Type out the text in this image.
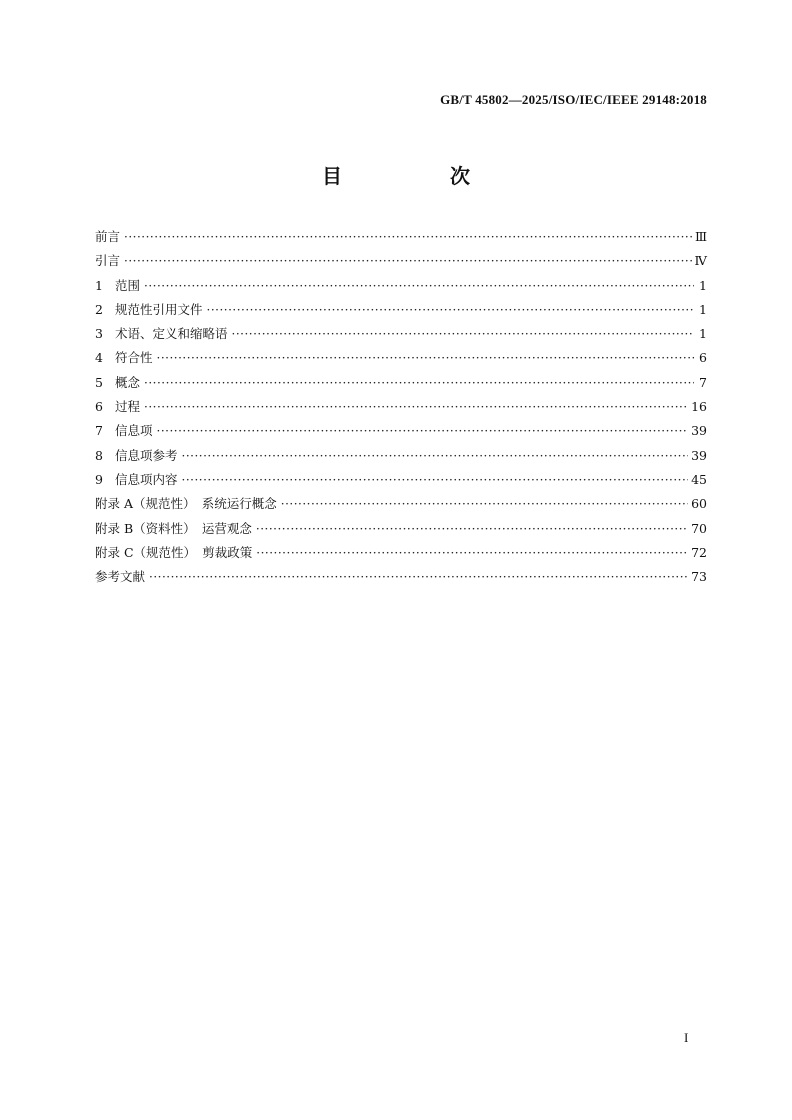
GB/T 45802—2025/ISO/IEC/IEEE 29148:2018
目　次
前言 ·····	Ⅲ
引言 ·····	Ⅳ
1 范围 ·····	1
2 规范性引用文件 ·····	1
3 术语、定义和缩略语 ·····	1
4 符合性 ·····	6
5 概念 ·····	7
6 过程 ·····	16
7 信息项 ·····	39
8 信息项参考 ·····	39
9 信息项内容 ·····	45
附录 A（规范性）　系统运行概念 ·····	60
附录 B（资料性）　运营观念 ·····	70
附录 C（规范性）　剪裁政策 ·····	72
参考文献 ·····	73
I
